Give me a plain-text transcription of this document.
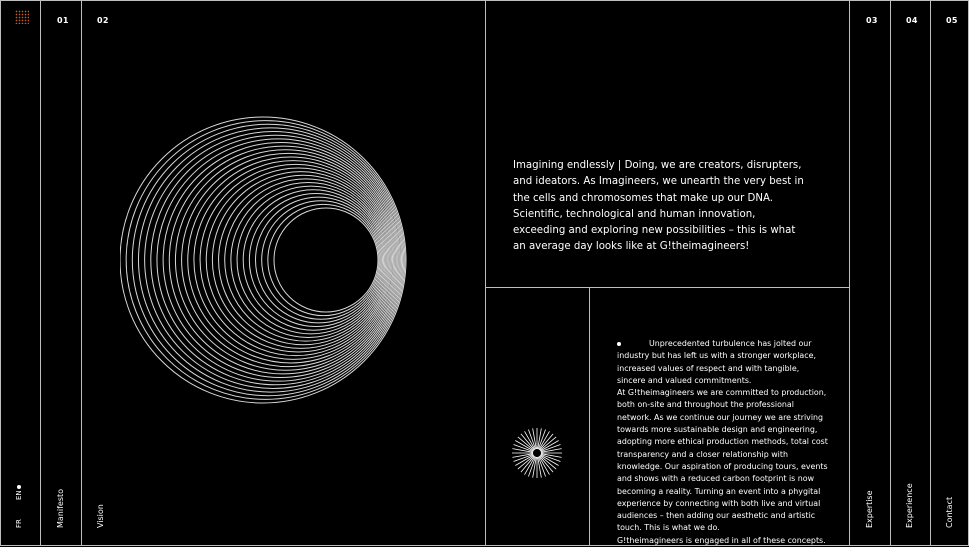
FR
EN
01	02	03	04	05
Manifesto	Vision	Expertise	Experience	Contact
Imagining endlessly | Doing, we are creators, disrupters, and ideators. As Imagineers, we unearth the very best in the cells and chromosomes that make up our DNA. Scientific, technological and human innovation, exceeding and exploring new possibilities – this is what an average day looks like at G!theimagineers!

Unprecedented turbulence has jolted our industry but has left us with a stronger workplace, increased values of respect and with tangible, sincere and valued commitments.

At G!theimagineers we are committed to production, both on-site and throughout the professional network. As we continue our journey we are striving towards more sustainable design and engineering, adopting more ethical production methods, total cost transparency and a closer relationship with knowledge. Our aspiration of producing tours, events and shows with a reduced carbon footprint is now becoming a reality. Turning an event into a phygital experience by connecting with both live and virtual audiences – then adding our aesthetic and artistic touch. This is what we do.

G!theimagineers is engaged in all of these concepts.
